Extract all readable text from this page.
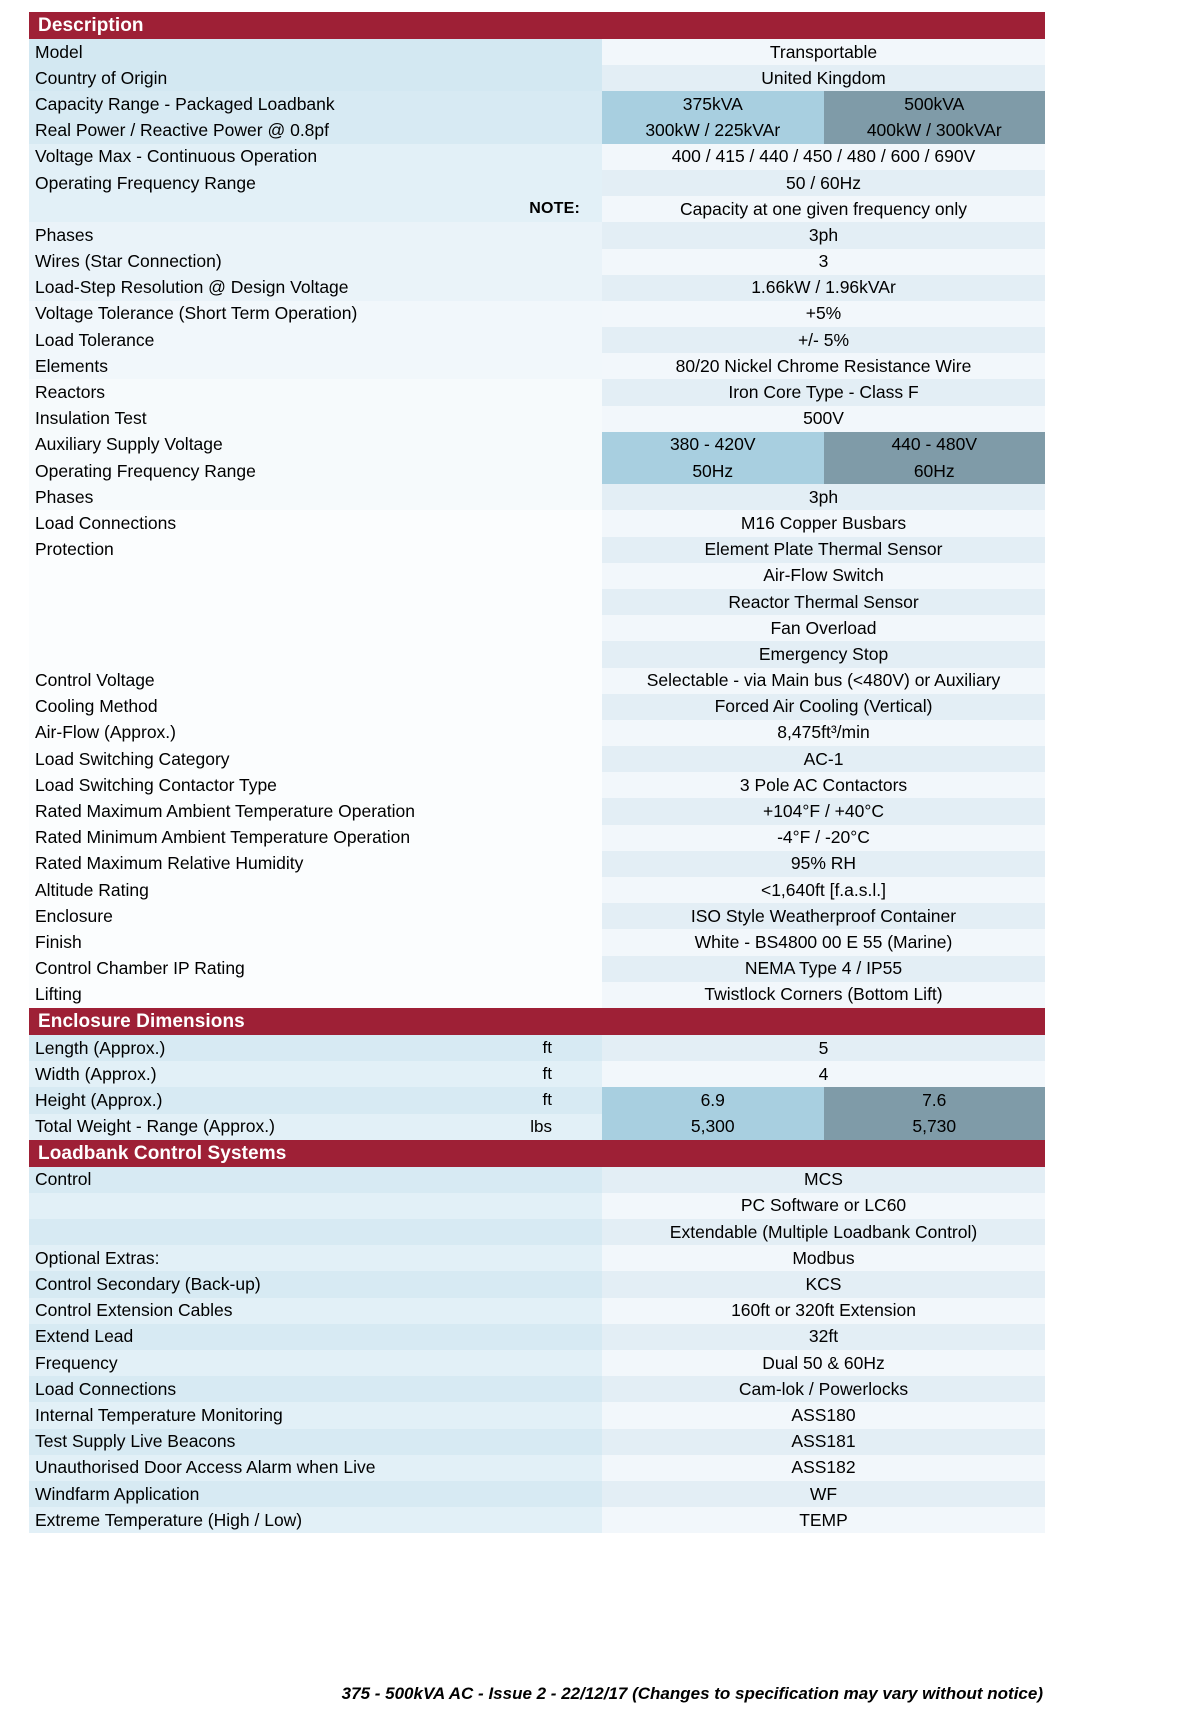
Description
Model	Transportable
Country of Origin	United Kingdom
Capacity Range - Packaged Loadbank	375kVA	500kVA
Real Power / Reactive Power @ 0.8pf	300kW / 225kVAr	400kW / 300kVAr
Voltage Max - Continuous Operation	400 / 415 / 440 / 450 / 480 / 600 / 690V
Operating Frequency Range	50 / 60Hz
NOTE:	Capacity at one given frequency only
Phases	3ph
Wires (Star Connection)	3
Load-Step Resolution @ Design Voltage	1.66kW / 1.96kVAr
Voltage Tolerance (Short Term Operation)	+5%
Load Tolerance	+/- 5%
Elements	80/20 Nickel Chrome Resistance Wire
Reactors	Iron Core Type - Class F
Insulation Test	500V
Auxiliary Supply Voltage	380 - 420V	440 - 480V
Operating Frequency Range	50Hz	60Hz
Phases	3ph
Load Connections	M16 Copper Busbars
Protection	Element Plate Thermal Sensor
Air-Flow Switch
Reactor Thermal Sensor
Fan Overload
Emergency Stop
Control Voltage	Selectable - via Main bus (<480V) or Auxiliary
Cooling Method	Forced Air Cooling (Vertical)
Air-Flow (Approx.)	8,475ft³/min
Load Switching Category	AC-1
Load Switching Contactor Type	3 Pole AC Contactors
Rated Maximum Ambient Temperature Operation	+104°F / +40°C
Rated Minimum Ambient Temperature Operation	-4°F / -20°C
Rated Maximum Relative Humidity	95% RH
Altitude Rating	<1,640ft [f.a.s.l.]
Enclosure	ISO Style Weatherproof Container
Finish	White - BS4800 00 E 55 (Marine)
Control Chamber IP Rating	NEMA Type 4 / IP55
Lifting	Twistlock Corners (Bottom Lift)
Enclosure Dimensions
Length (Approx.)	ft	5
Width (Approx.)	ft	4
Height (Approx.)	ft	6.9	7.6
Total Weight - Range (Approx.)	lbs	5,300	5,730
Loadbank Control Systems
Control	MCS
PC Software or LC60
Extendable (Multiple Loadbank Control)
Optional Extras:	Modbus
Control Secondary (Back-up)	KCS
Control Extension Cables	160ft or 320ft Extension
Extend Lead	32ft
Frequency	Dual 50 & 60Hz
Load Connections	Cam-lok / Powerlocks
Internal Temperature Monitoring	ASS180
Test Supply Live Beacons	ASS181
Unauthorised Door Access Alarm when Live	ASS182
Windfarm Application	WF
Extreme Temperature (High / Low)	TEMP
375 - 500kVA AC - Issue 2 - 22/12/17 (Changes to specification may vary without notice)
